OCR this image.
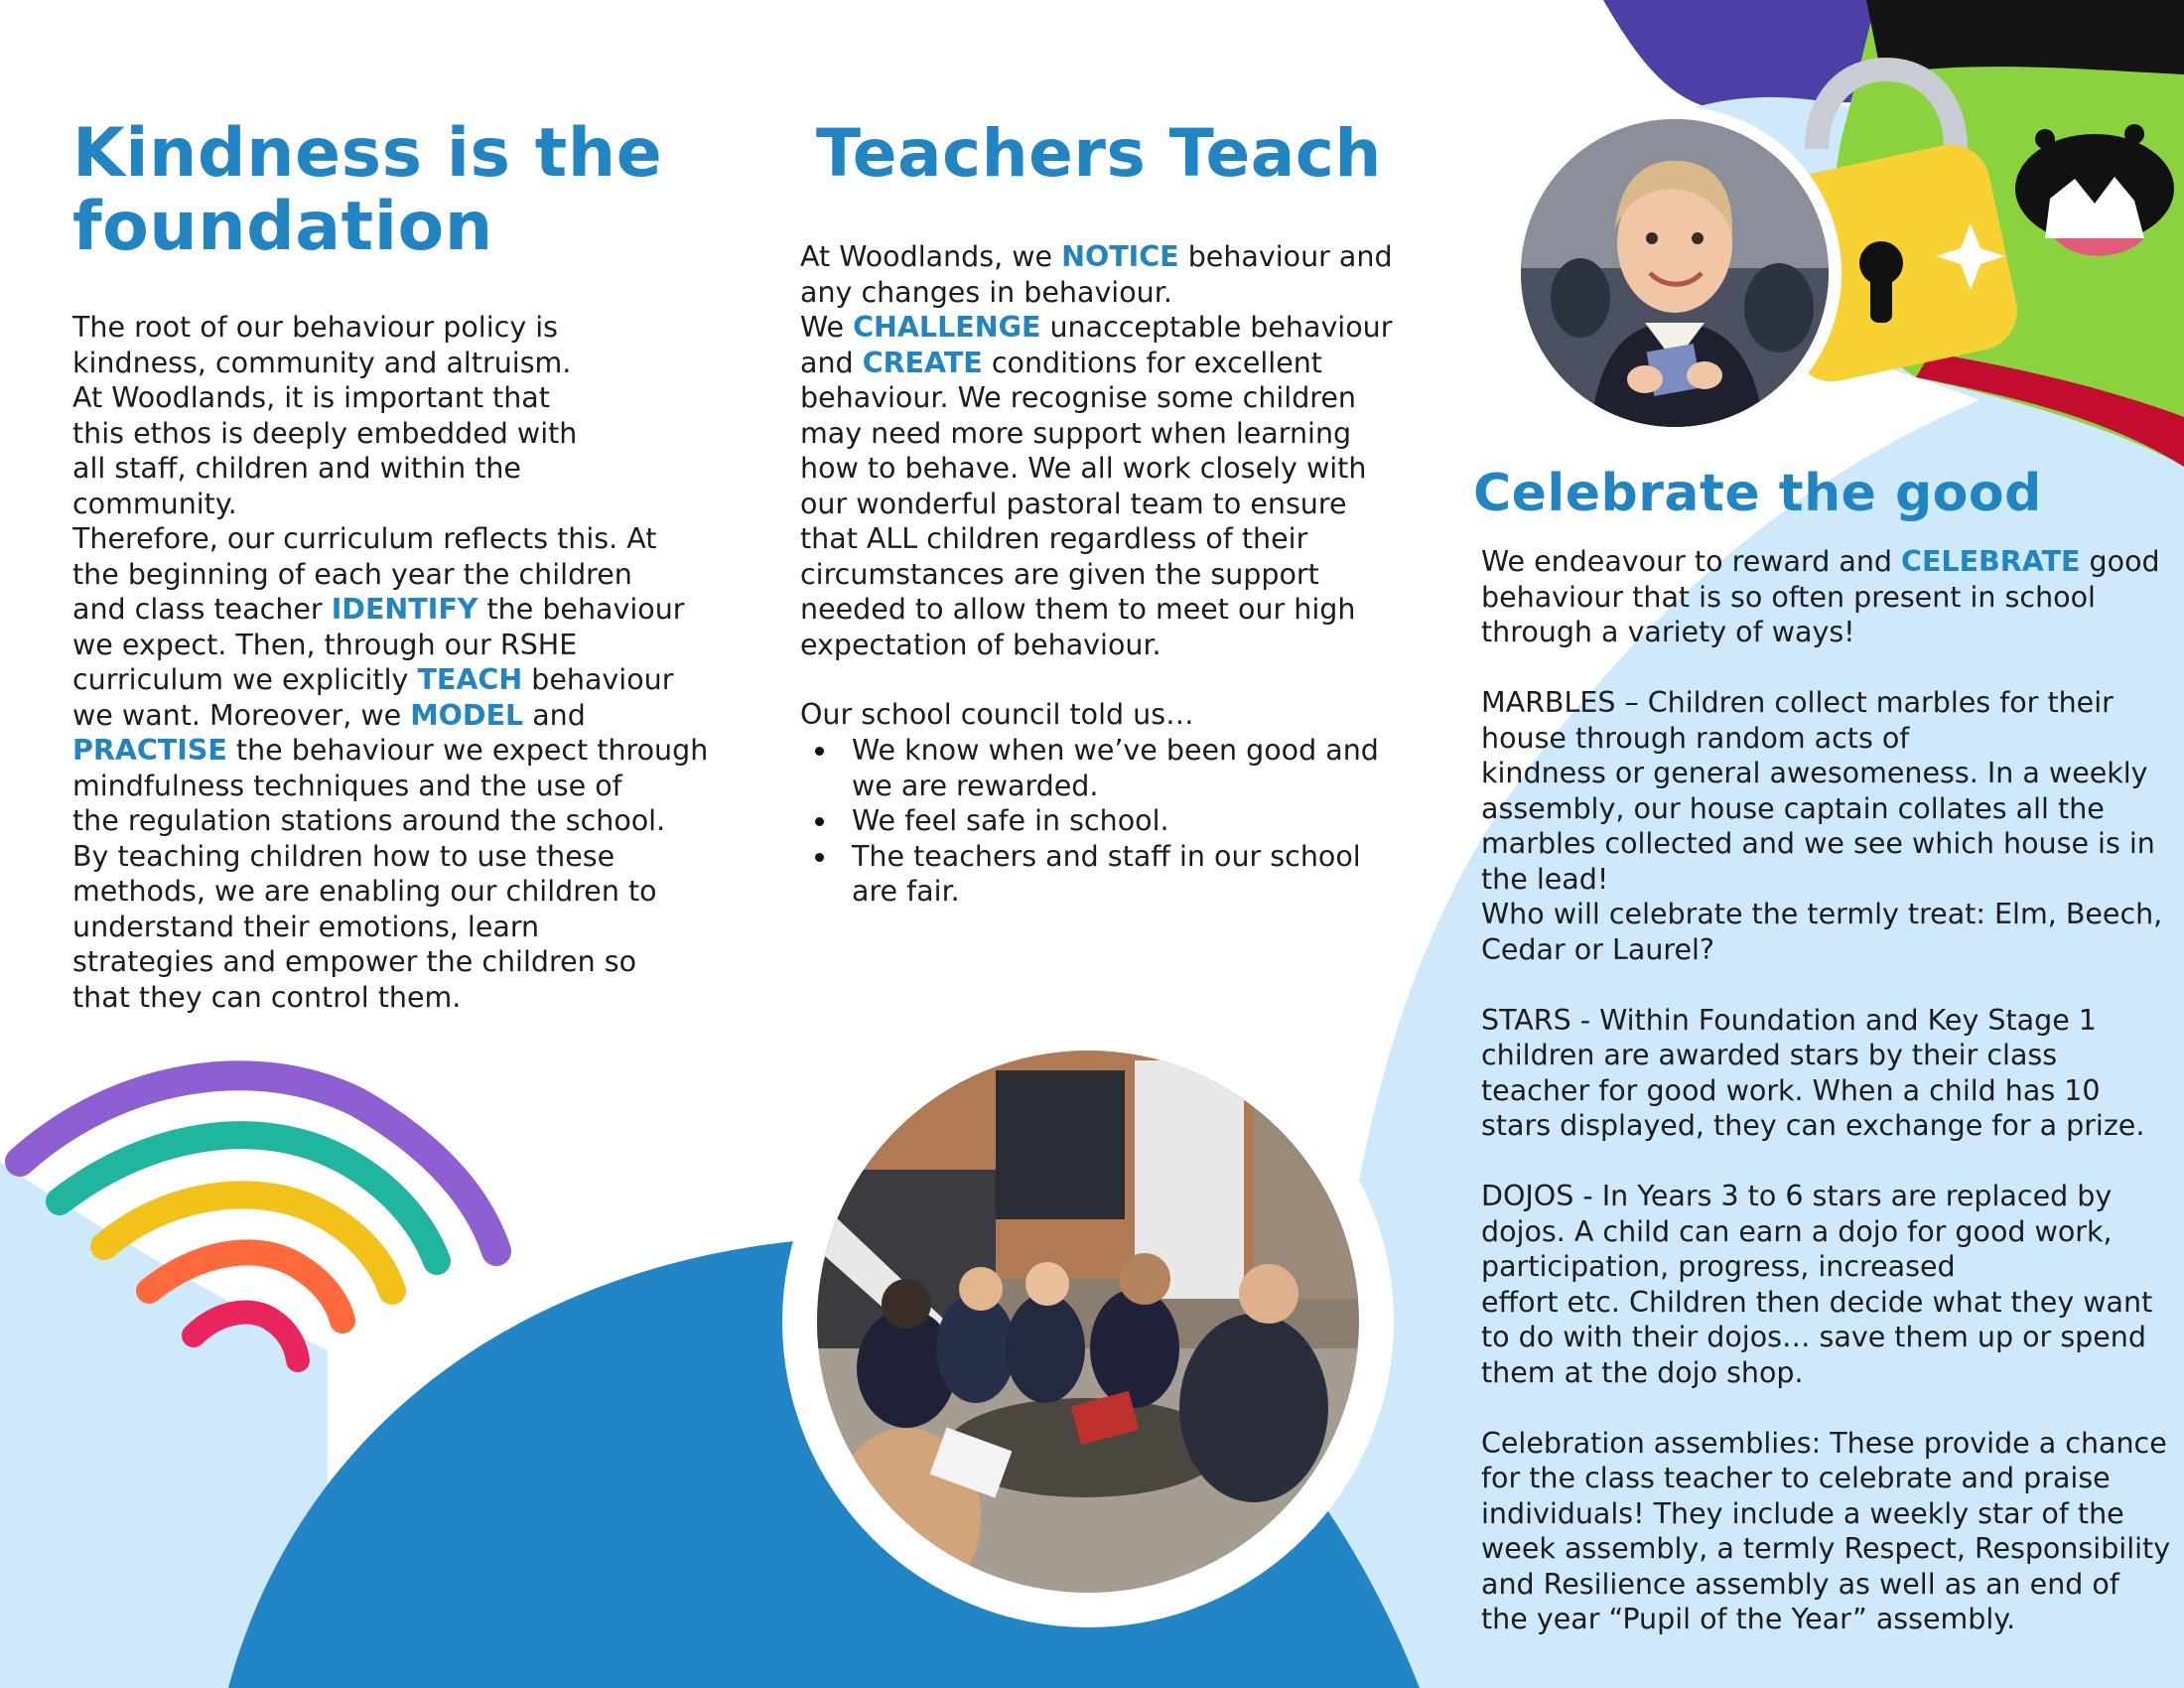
Kindness is the
foundation
The root of our behaviour policy is
kindness, community and altruism.
At Woodlands, it is important that
this ethos is deeply embedded with
all staff, children and within the
community.
Therefore, our curriculum reflects this. At
the beginning of each year the children
and class teacher IDENTIFY the behaviour
we expect. Then, through our RSHE
curriculum we explicitly TEACH behaviour
we want. Moreover, we MODEL and
PRACTISE the behaviour we expect through
mindfulness techniques and the use of
the regulation stations around the school.
By teaching children how to use these
methods, we are enabling our children to
understand their emotions, learn
strategies and empower the children so
that they can control them.
Teachers Teach
At Woodlands, we NOTICE behaviour and
any changes in behaviour.
We CHALLENGE unacceptable behaviour
and CREATE conditions for excellent
behaviour. We recognise some children
may need more support when learning
how to behave. We all work closely with
our wonderful pastoral team to ensure
that ALL children regardless of their
circumstances are given the support
needed to allow them to meet our high
expectation of behaviour.
Our school council told us…
We know when we’ve been good and
we are rewarded.
We feel safe in school.
The teachers and staff in our school
are fair.
Celebrate the good
We endeavour to reward and CELEBRATE good
behaviour that is so often present in school
through a variety of ways!
MARBLES – Children collect marbles for their
house through random acts of
kindness or general awesomeness. In a weekly
assembly, our house captain collates all the
marbles collected and we see which house is in
the lead!
Who will celebrate the termly treat: Elm, Beech,
Cedar or Laurel?
STARS - Within Foundation and Key Stage 1
children are awarded stars by their class
teacher for good work. When a child has 10
stars displayed, they can exchange for a prize.
DOJOS - In Years 3 to 6 stars are replaced by
dojos. A child can earn a dojo for good work,
participation, progress, increased
effort etc. Children then decide what they want
to do with their dojos… save them up or spend
them at the dojo shop.
Celebration assemblies: These provide a chance
for the class teacher to celebrate and praise
individuals! They include a weekly star of the
week assembly, a termly Respect, Responsibility
and Resilience assembly as well as an end of
the year “Pupil of the Year” assembly.
